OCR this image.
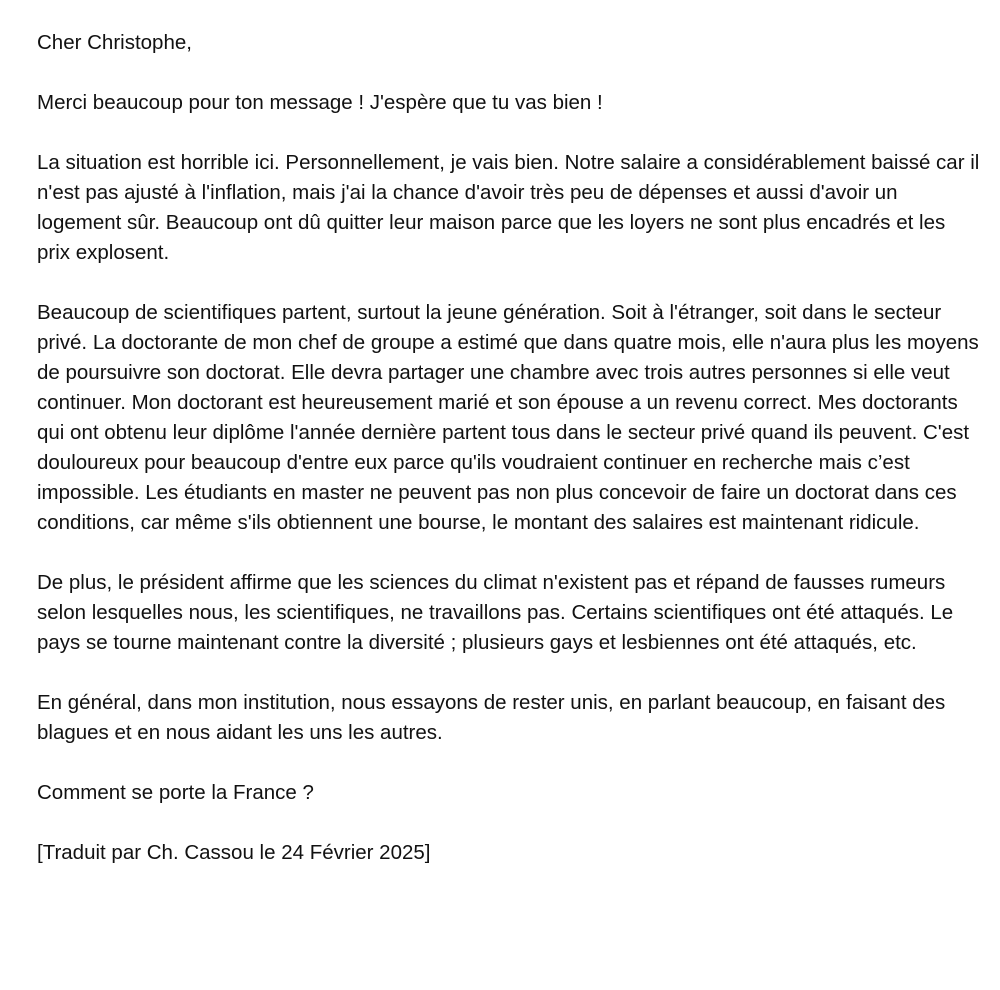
Cher Christophe,

Merci beaucoup pour ton message ! J'espère que tu vas bien !

La situation est horrible ici. Personnellement, je vais bien. Notre salaire a considérablement baissé car il n'est pas ajusté à l'inflation, mais j'ai la chance d'avoir très peu de dépenses et aussi d'avoir un logement sûr. Beaucoup ont dû quitter leur maison parce que les loyers ne sont plus encadrés et les prix explosent.

Beaucoup de scientifiques partent, surtout la jeune génération. Soit à l'étranger, soit dans le secteur privé. La doctorante de mon chef de groupe a estimé que dans quatre mois, elle n'aura plus les moyens de poursuivre son doctorat. Elle devra partager une chambre avec trois autres personnes si elle veut continuer. Mon doctorant est heureusement marié et son épouse a un revenu correct. Mes doctorants qui ont obtenu leur diplôme l'année dernière partent tous dans le secteur privé quand ils peuvent. C'est douloureux pour beaucoup d'entre eux parce qu'ils voudraient continuer en recherche mais c’est impossible. Les étudiants en master ne peuvent pas non plus concevoir de faire un doctorat dans ces conditions, car même s'ils obtiennent une bourse, le montant des salaires est maintenant ridicule.

De plus, le président affirme que les sciences du climat n'existent pas et répand de fausses rumeurs selon lesquelles nous, les scientifiques, ne travaillons pas. Certains scientifiques ont été attaqués. Le pays se tourne maintenant contre la diversité ; plusieurs gays et lesbiennes ont été attaqués, etc.

En général, dans mon institution, nous essayons de rester unis, en parlant beaucoup, en faisant des blagues et en nous aidant les uns les autres.

Comment se porte la France ?

[Traduit par Ch. Cassou le 24 Février 2025]
